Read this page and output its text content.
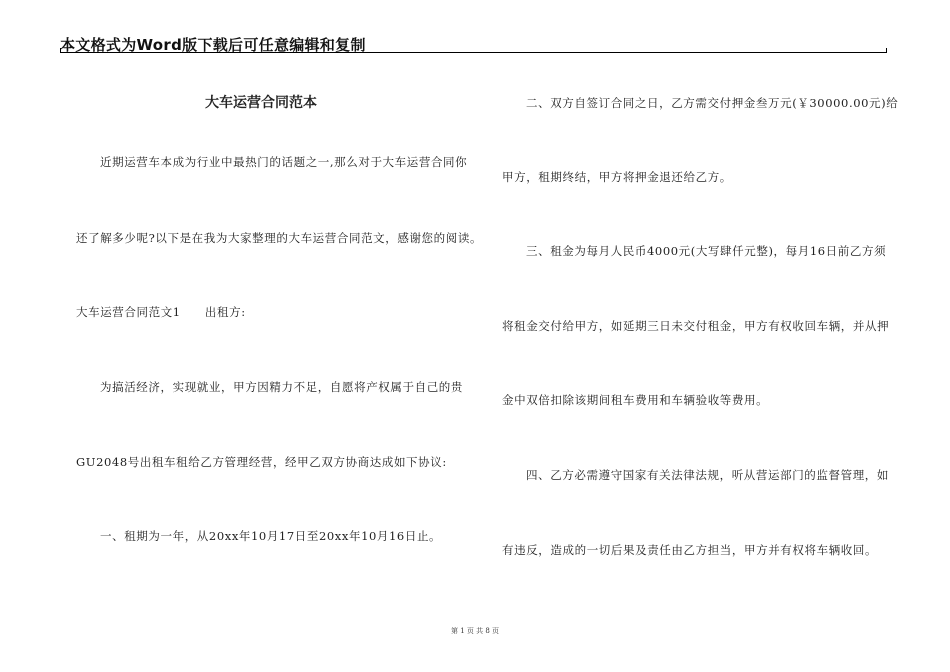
本文格式为Word版下载后可任意编辑和复制
大车运营合同范本
近期运营车本成为行业中最热门的话题之一,那么对于大车运营合同你
还了解多少呢?以下是在我为大家整理的大车运营合同范文，感谢您的阅读。
大车运营合同范文1　　出租方:
为搞活经济，实现就业，甲方因精力不足，自愿将产权属于自己的贵
GU2048号出租车租给乙方管理经营，经甲乙双方协商达成如下协议:
一、租期为一年，从20xx年10月17日至20xx年10月16日止。
二、双方自签订合同之日，乙方需交付押金叁万元(￥30000.00元)给
甲方，租期终结，甲方将押金退还给乙方。
三、租金为每月人民币4000元(大写肆仟元整)，每月16日前乙方须
将租金交付给甲方，如延期三日未交付租金，甲方有权收回车辆，并从押
金中双倍扣除该期间租车费用和车辆验收等费用。
四、乙方必需遵守国家有关法律法规，听从营运部门的监督管理，如
有违反，造成的一切后果及责任由乙方担当，甲方并有权将车辆收回。
第 1 页 共 8 页
